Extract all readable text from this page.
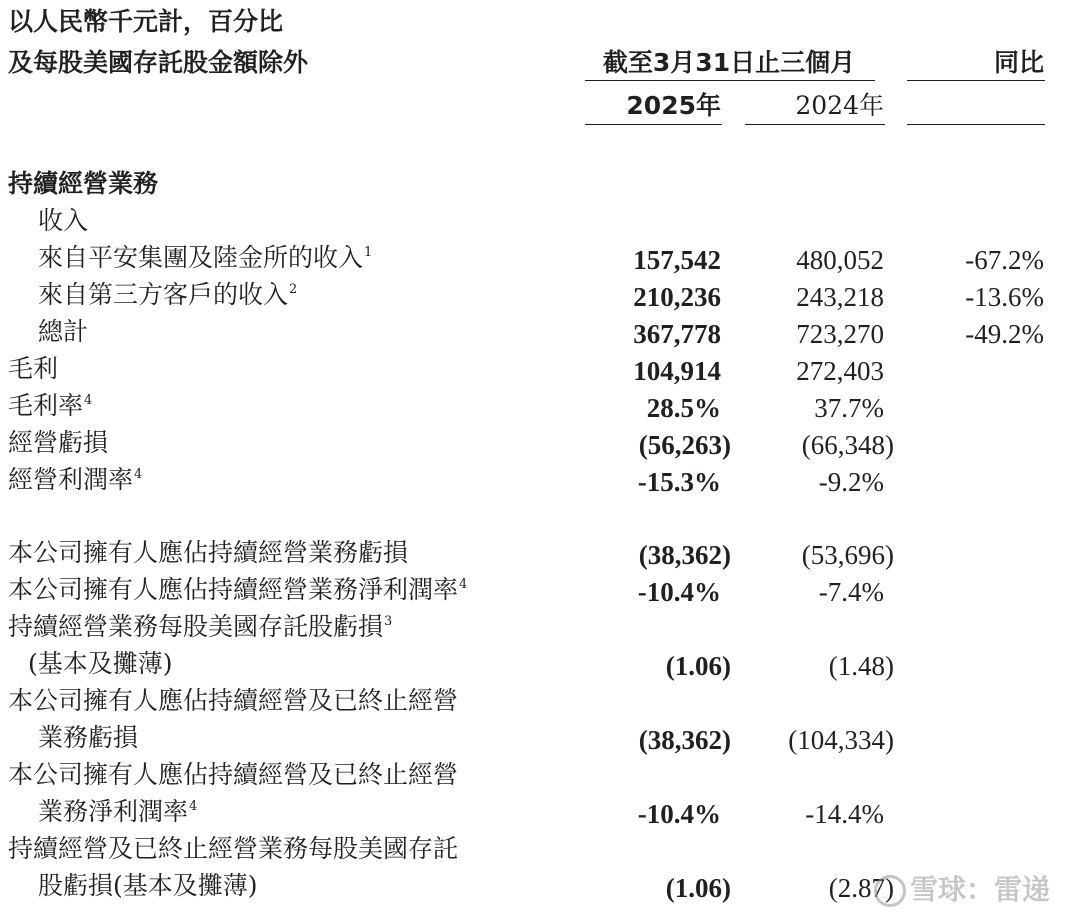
以人民幣千元計，百分比
及每股美國存託股金額除外	截至3月31日止三個月	同比
2025年	2024年
持續經營業務
收入
來自平安集團及陸金所的收入$^1$	157,542	480,052	-67.2%
來自第三方客戶的收入$^2$	210,236	243,218	-13.6%
總計	367,778	723,270	-49.2%
毛利	104,914	272,403
毛利率$^4$	28.5%	37.7%
經營虧損	(56,263)	(66,348)
經營利潤率$^4$	-15.3%	-9.2%
本公司擁有人應佔持續經營業務虧損	(38,362)	(53,696)
本公司擁有人應佔持續經營業務淨利潤率$^4$	-10.4%	-7.4%
持續經營業務每股美國存託股虧損$^3$
(基本及攤薄)	(1.06)	(1.48)
本公司擁有人應佔持續經營及已終止經營
業務虧損	(38,362) (104,334)
本公司擁有人應佔持續經營及已終止經營
業務淨利潤率$^4$	-10.4%	-14.4%
持續經營及已終止經營業務每股美國存託
股虧損(基本及攤薄)	(1.06)	(2.87) 雪球：雷递
